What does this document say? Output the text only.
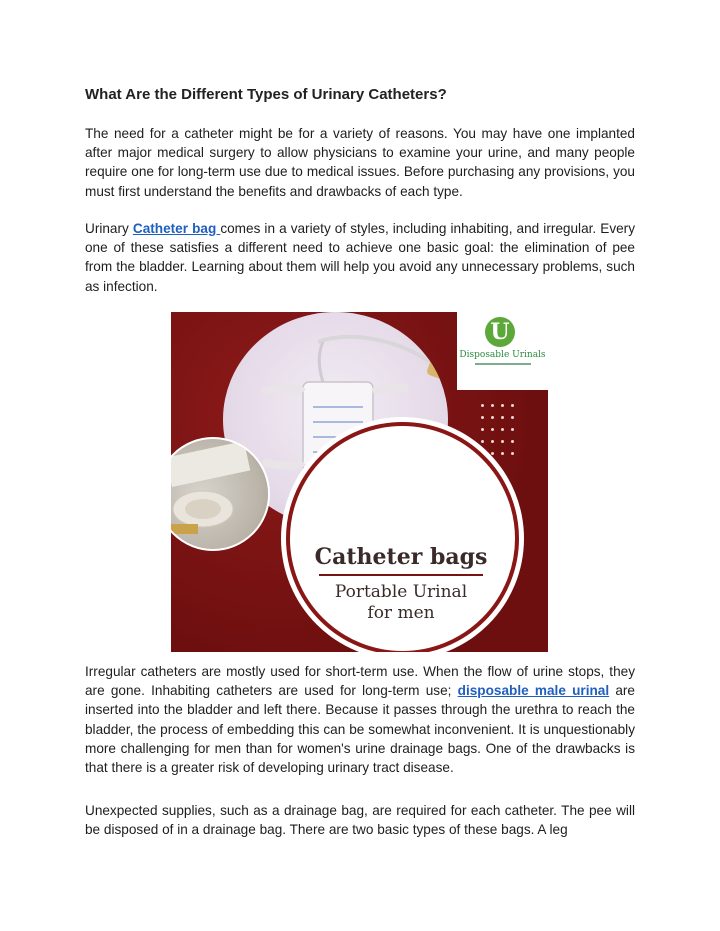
What Are the Different Types of Urinary Catheters?

The need for a catheter might be for a variety of reasons. You may have one implanted after major medical surgery to allow physicians to examine your urine, and many people require one for long-term use due to medical issues. Before purchasing any provisions, you must first understand the benefits and drawbacks of each type.

Urinary Catheter bag comes in a variety of styles, including inhabiting, and irregular. Every one of these satisfies a different need to achieve one basic goal: the elimination of pee from the bladder. Learning about them will help you avoid any unnecessary problems, such as infection.

U
Disposable Urinals
Catheter bags
Portable Urinal
for men

Irregular catheters are mostly used for short-term use. When the flow of urine stops, they are gone. Inhabiting catheters are used for long-term use; disposable male urinal are inserted into the bladder and left there. Because it passes through the urethra to reach the bladder, the process of embedding this can be somewhat inconvenient. It is unquestionably more challenging for men than for women's urine drainage bags. One of the drawbacks is that there is a greater risk of developing urinary tract disease.

Unexpected supplies, such as a drainage bag, are required for each catheter. The pee will be disposed of in a drainage bag. There are two basic types of these bags. A leg
